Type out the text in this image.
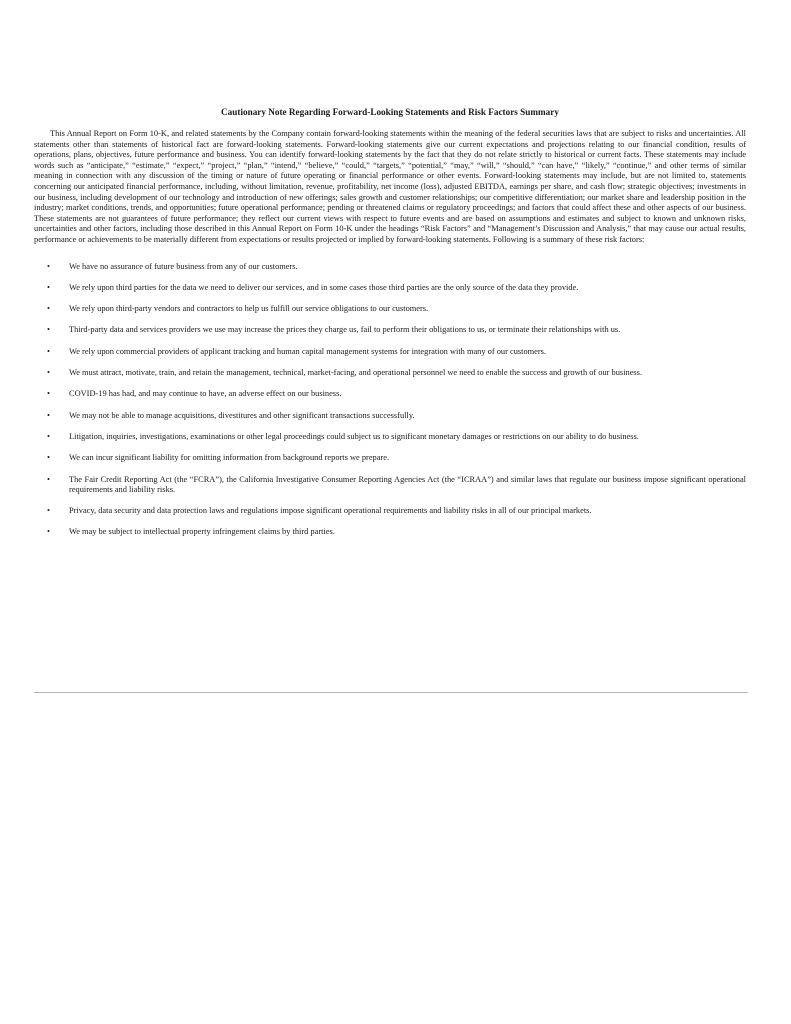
Cautionary Note Regarding Forward-Looking Statements and Risk Factors Summary

This Annual Report on Form 10-K, and related statements by the Company contain forward-looking statements within the meaning of the federal securities laws that are subject to risks and uncertainties. All statements other than statements of historical fact are forward-looking statements. Forward-looking statements give our current expectations and projections relating to our financial condition, results of operations, plans, objectives, future performance and business. You can identify forward-looking statements by the fact that they do not relate strictly to historical or current facts. These statements may include words such as “anticipate,” “estimate,” “expect,” “project,” “plan,” “intend,” “believe,” “could,” “targets,” “potential,” “may,” “will,” “should,” “can have,” “likely,” “continue,” and other terms of similar meaning in connection with any discussion of the timing or nature of future operating or financial performance or other events. Forward-looking statements may include, but are not limited to, statements concerning our anticipated financial performance, including, without limitation, revenue, profitability, net income (loss), adjusted EBITDA, earnings per share, and cash flow; strategic objectives; investments in our business, including development of our technology and introduction of new offerings; sales growth and customer relationships; our competitive differentiation; our market share and leadership position in the industry; market conditions, trends, and opportunities; future operational performance; pending or threatened claims or regulatory proceedings; and factors that could affect these and other aspects of our business. These statements are not guarantees of future performance; they reflect our current views with respect to future events and are based on assumptions and estimates and subject to known and unknown risks, uncertainties and other factors, including those described in this Annual Report on Form 10-K under the headings “Risk Factors” and “Management’s Discussion and Analysis,” that may cause our actual results, performance or achievements to be materially different from expectations or results projected or implied by forward-looking statements. Following is a summary of these risk factors:

• We have no assurance of future business from any of our customers.
• We rely upon third parties for the data we need to deliver our services, and in some cases those third parties are the only source of the data they provide.
• We rely upon third-party vendors and contractors to help us fulfill our service obligations to our customers.
• Third-party data and services providers we use may increase the prices they charge us, fail to perform their obligations to us, or terminate their relationships with us.
• We rely upon commercial providers of applicant tracking and human capital management systems for integration with many of our customers.
• We must attract, motivate, train, and retain the management, technical, market-facing, and operational personnel we need to enable the success and growth of our business.
• COVID-19 has had, and may continue to have, an adverse effect on our business.
• We may not be able to manage acquisitions, divestitures and other significant transactions successfully.
• Litigation, inquiries, investigations, examinations or other legal proceedings could subject us to significant monetary damages or restrictions on our ability to do business.
• We can incur significant liability for omitting information from background reports we prepare.
• The Fair Credit Reporting Act (the “FCRA”), the California Investigative Consumer Reporting Agencies Act (the “ICRAA”) and similar laws that regulate our business impose significant operational requirements and liability risks.
• Privacy, data security and data protection laws and regulations impose significant operational requirements and liability risks in all of our principal markets.
• We may be subject to intellectual property infringement claims by third parties.
